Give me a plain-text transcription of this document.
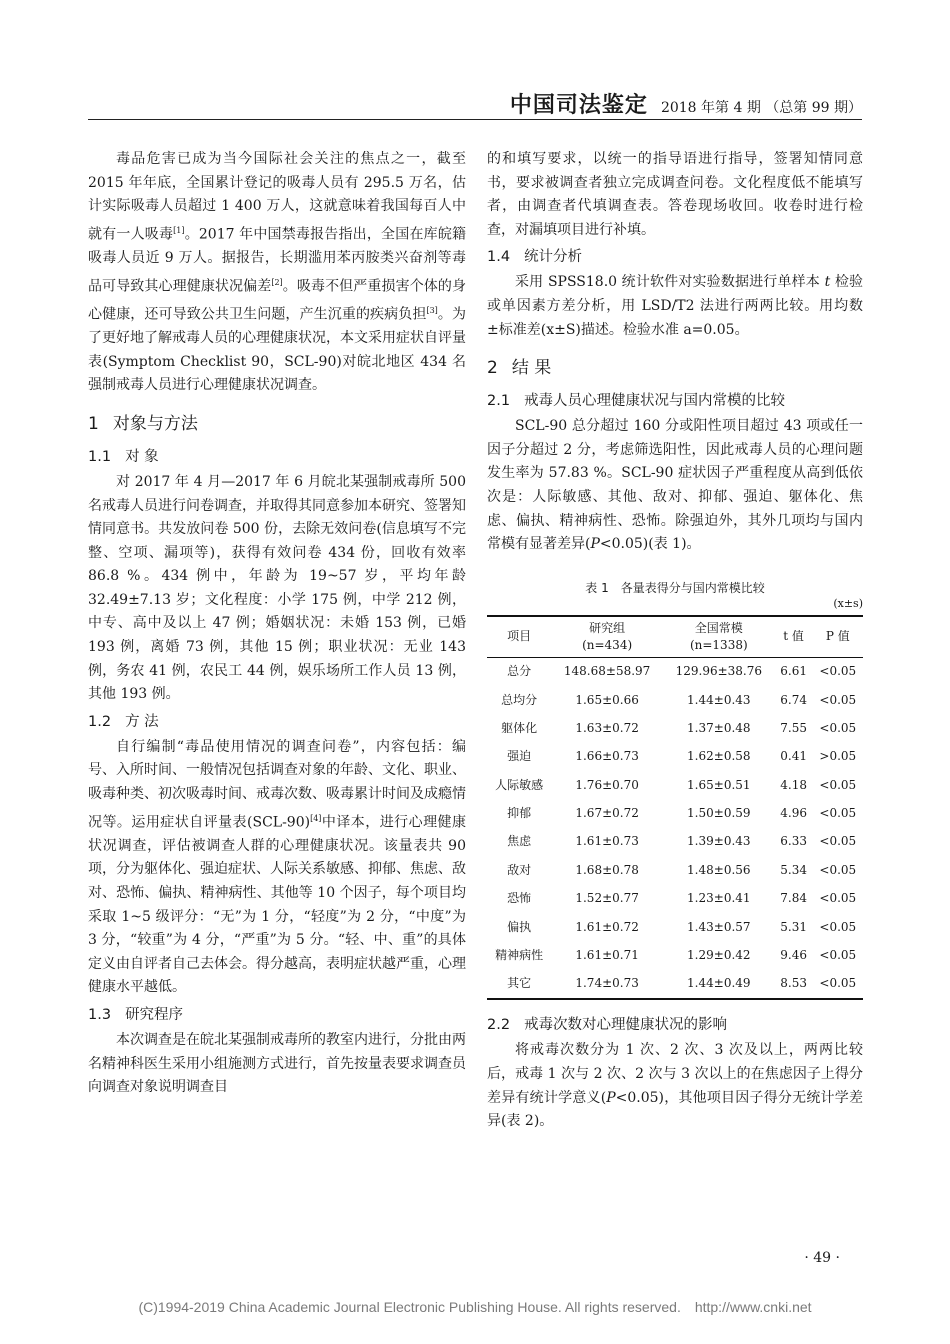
中国司法鉴定 2018 年第 4 期 （总第 99 期）

毒品危害已成为当今国际社会关注的焦点之一，截至 2015 年年底，全国累计登记的吸毒人员有 295.5 万名，估计实际吸毒人员超过 1 400 万人，这就意味着我国每百人中就有一人吸毒[1]。2017 年中国禁毒报告指出，全国在库皖籍吸毒人员近 9 万人。据报告，长期滥用苯丙胺类兴奋剂等毒品可导致其心理健康状况偏差[2]。吸毒不但严重损害个体的身心健康，还可导致公共卫生问题，产生沉重的疾病负担[3]。为了更好地了解戒毒人员的心理健康状况，本文采用症状自评量表(Symptom Checklist 90，SCL-90)对皖北地区 434 名强制戒毒人员进行心理健康状况调查。

1 对象与方法
1.1 对 象

对 2017 年 4 月—2017 年 6 月皖北某强制戒毒所 500 名戒毒人员进行问卷调查，并取得其同意参加本研究、签署知情同意书。共发放问卷 500 份，去除无效问卷(信息填写不完整、空项、漏项等)，获得有效问卷 434 份，回收有效率 86.8 %。434 例中，年龄为 19~57 岁，平均年龄 32.49±7.13 岁；文化程度：小学 175 例，中学 212 例，中专、高中及以上 47 例；婚姻状况：未婚 153 例，已婚 193 例，离婚 73 例，其他 15 例；职业状况：无业 143 例，务农 41 例，农民工 44 例，娱乐场所工作人员 13 例，其他 193 例。

1.2 方 法

自行编制“毒品使用情况的调查问卷”，内容包括：编号、入所时间、一般情况包括调查对象的年龄、文化、职业、吸毒种类、初次吸毒时间、戒毒次数、吸毒累计时间及成瘾情况等。运用症状自评量表(SCL-90)[4]中译本，进行心理健康状况调查，评估被调查人群的心理健康状况。该量表共 90 项，分为躯体化、强迫症状、人际关系敏感、抑郁、焦虑、敌对、恐怖、偏执、精神病性、其他等 10 个因子，每个项目均采取 1~5 级评分：“无”为 1 分，“轻度”为 2 分，“中度”为 3 分，“较重”为 4 分，“严重”为 5 分。“轻、中、重”的具体定义由自评者自己去体会。得分越高，表明症状越严重，心理健康水平越低。

1.3 研究程序

本次调查是在皖北某强制戒毒所的教室内进行，分批由两名精神科医生采用小组施测方式进行，首先按量表要求调查员向调查对象说明调查目

的和填写要求，以统一的指导语进行指导，签署知情同意书，要求被调查者独立完成调查问卷。文化程度低不能填写者，由调查者代填调查表。答卷现场收回。收卷时进行检查，对漏填项目进行补填。

1.4 统计分析

采用 SPSS18.0 统计软件对实验数据进行单样本 t 检验或单因素方差分析，用 LSD/T2 法进行两两比较。用均数±标准差(x±S)描述。检验水准 a=0.05。

2 结 果
2.1 戒毒人员心理健康状况与国内常模的比较

SCL-90 总分超过 160 分或阳性项目超过 43 项或任一因子分超过 2 分，考虑筛选阳性，因此戒毒人员的心理问题发生率为 57.83 %。SCL-90 症状因子严重程度从高到低依次是：人际敏感、其他、敌对、抑郁、强迫、躯体化、焦虑、偏执、精神病性、恐怖。除强迫外，其外几项均与国内常模有显著差异(P<0.05)(表 1)。

表 1　各量表得分与国内常模比较
(x±s)
项目	研究组
(n=434)	全国常模
(n=1338)	t 值	P 值
总分	148.68±58.97	129.96±38.76	6.61	<0.05
总均分	1.65±0.66	1.44±0.43	6.74	<0.05
躯体化	1.63±0.72	1.37±0.48	7.55	<0.05
强迫	1.66±0.73	1.62±0.58	0.41	>0.05
人际敏感	1.76±0.70	1.65±0.51	4.18	<0.05
抑郁	1.67±0.72	1.50±0.59	4.96	<0.05
焦虑	1.61±0.73	1.39±0.43	6.33	<0.05
敌对	1.68±0.78	1.48±0.56	5.34	<0.05
恐怖	1.52±0.77	1.23±0.41	7.84	<0.05
偏执	1.61±0.72	1.43±0.57	5.31	<0.05
精神病性	1.61±0.71	1.29±0.42	9.46	<0.05
其它	1.74±0.73	1.44±0.49	8.53	<0.05
2.2 戒毒次数对心理健康状况的影响

将戒毒次数分为 1 次、2 次、3 次及以上，两两比较后，戒毒 1 次与 2 次、2 次与 3 次以上的在焦虑因子上得分差异有统计学意义(P<0.05)，其他项目因子得分无统计学差异(表 2)。

· 49 ·
(C)1994-2019 China Academic Journal Electronic Publishing House. All rights reserved.　http://www.cnki.net
